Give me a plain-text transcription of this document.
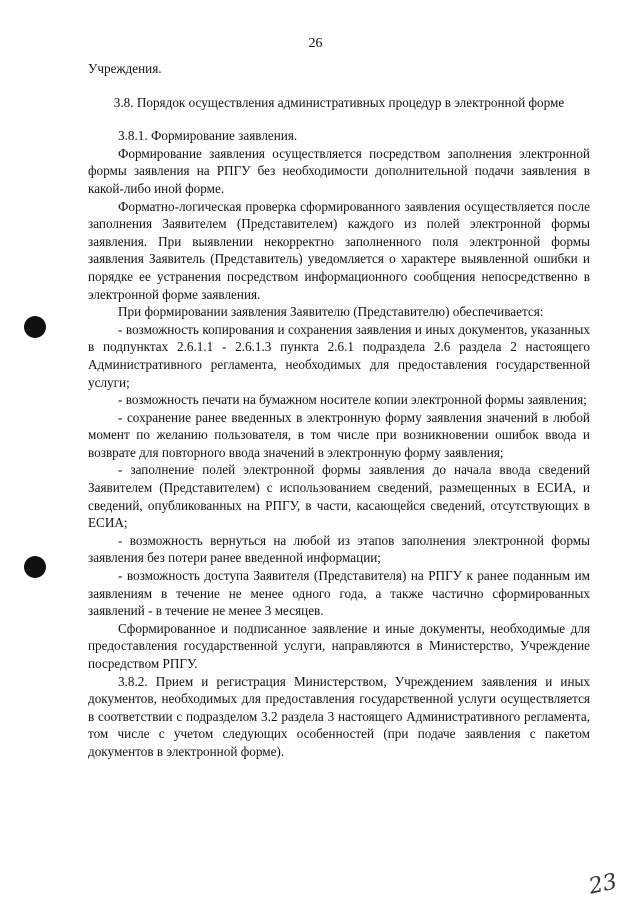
26

Учреждения.

3.8. Порядок осуществления административных процедур в электронной форме

3.8.1. Формирование заявления.

Формирование заявления осуществляется посредством заполнения электронной формы заявления на РПГУ без необходимости дополнительной подачи заявления в какой-либо иной форме.

Форматно-логическая проверка сформированного заявления осуществляется после заполнения Заявителем (Представителем) каждого из полей электронной формы заявления. При выявлении некорректно заполненного поля электронной формы заявления Заявитель (Представитель) уведомляется о характере выявленной ошибки и порядке ее устранения посредством информационного сообщения непосредственно в электронной форме заявления.

При формировании заявления Заявителю (Представителю) обеспечивается:

- возможность копирования и сохранения заявления и иных документов, указанных в подпунктах 2.6.1.1 - 2.6.1.3 пункта 2.6.1 подраздела 2.6 раздела 2 настоящего Административного регламента, необходимых для предоставления государственной услуги;

- возможность печати на бумажном носителе копии электронной формы заявления;

- сохранение ранее введенных в электронную форму заявления значений в любой момент по желанию пользователя, в том числе при возникновении ошибок ввода и возврате для повторного ввода значений в электронную форму заявления;

- заполнение полей электронной формы заявления до начала ввода сведений Заявителем (Представителем) с использованием сведений, размещенных в ЕСИА, и сведений, опубликованных на РПГУ, в части, касающейся сведений, отсутствующих в ЕСИА;

- возможность вернуться на любой из этапов заполнения электронной формы заявления без потери ранее введенной информации;

- возможность доступа Заявителя (Представителя) на РПГУ к ранее поданным им заявлениям в течение не менее одного года, а также частично сформированных заявлений - в течение не менее 3 месяцев.

Сформированное и подписанное заявление и иные документы, необходимые для предоставления государственной услуги, направляются в Министерство, Учреждение посредством РПГУ.

3.8.2. Прием и регистрация Министерством, Учреждением заявления и иных документов, необходимых для предоставления государственной услуги осуществляется в соответствии с подразделом 3.2 раздела 3 настоящего Административного регламента, том числе с учетом следующих особенностей (при подаче заявления с пакетом документов в электронной форме).

23
